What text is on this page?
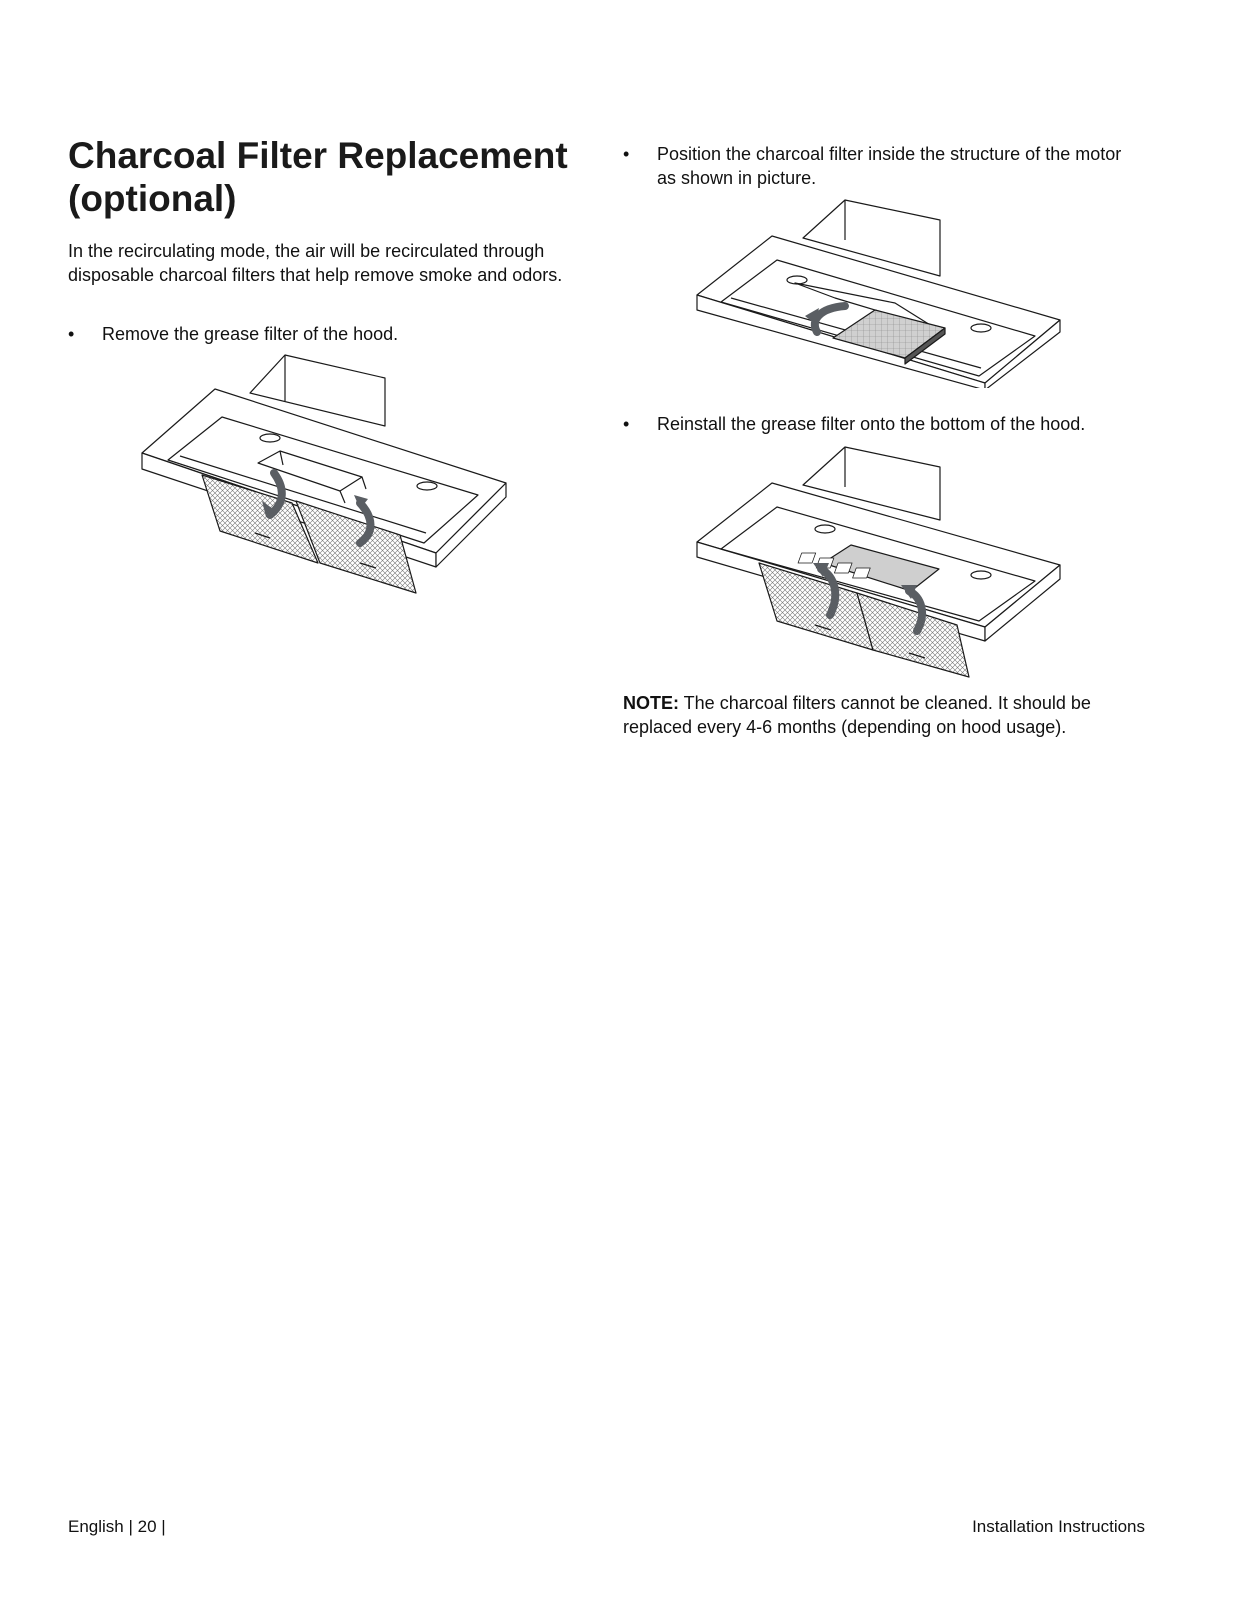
Charcoal Filter Replacement (optional)

In the recirculating mode, the air will be recirculated through disposable charcoal filters that help remove smoke and odors.

• Remove the grease filter of the hood.
• Position the charcoal filter inside the structure of the motor as shown in picture.
• Reinstall the grease filter onto the bottom of the hood.

NOTE: The charcoal filters cannot be cleaned. It should be replaced every 4-6 months (depending on hood usage).

English | 20 |	Installation Instructions
